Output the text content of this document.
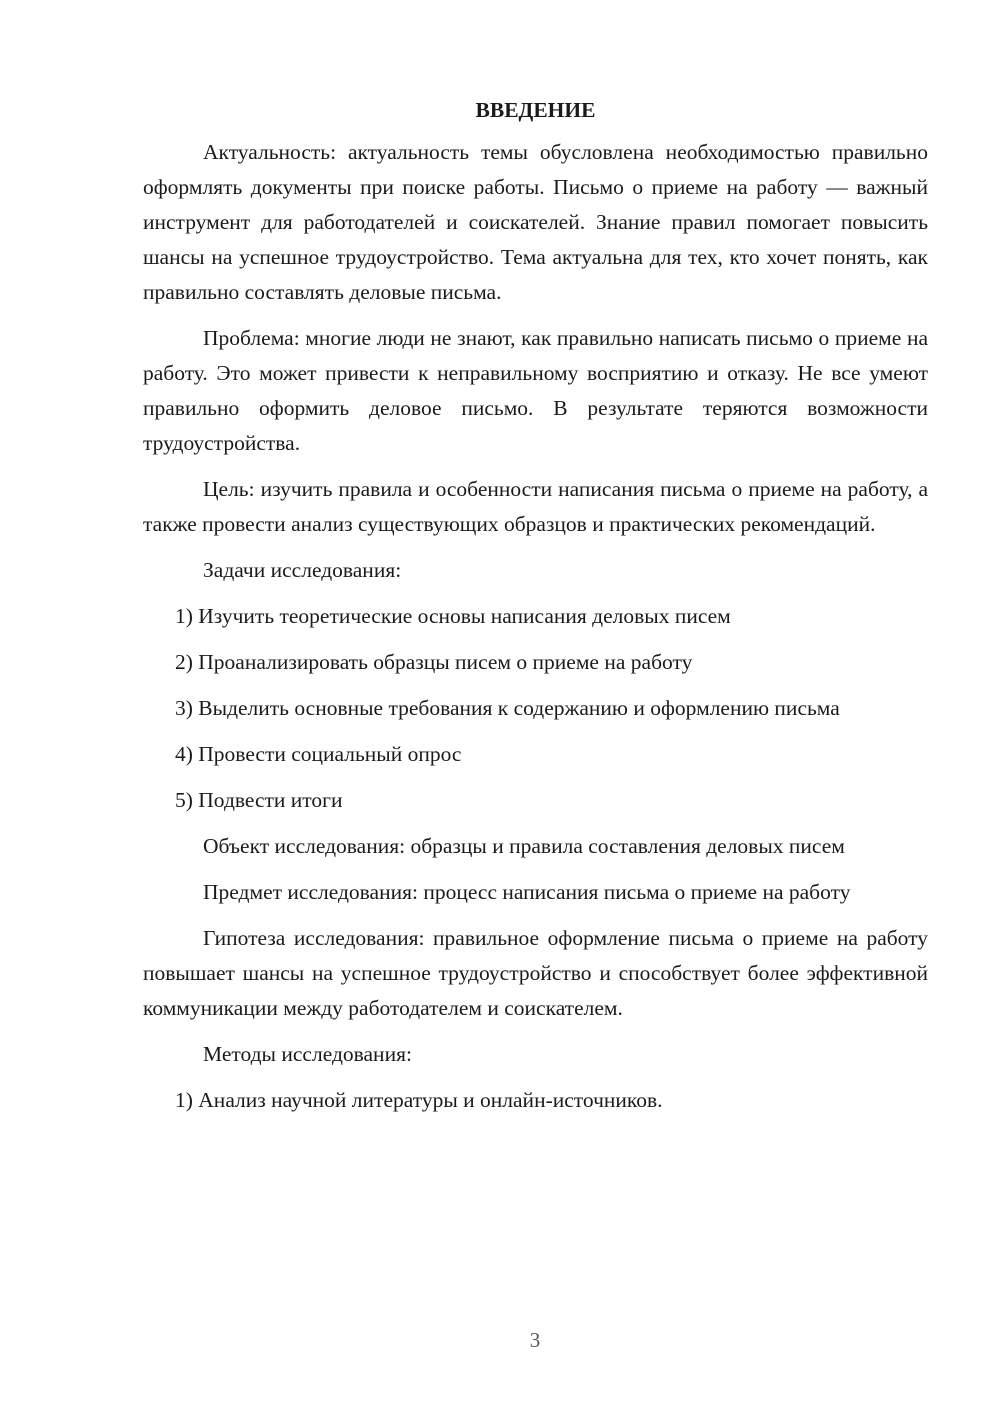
ВВЕДЕНИЕ

Актуальность: актуальность темы обусловлена необходимостью правильно оформлять документы при поиске работы. Письмо о приеме на работу — важный инструмент для работодателей и соискателей. Знание правил помогает повысить шансы на успешное трудоустройство. Тема актуальна для тех, кто хочет понять, как правильно составлять деловые письма.

Проблема: многие люди не знают, как правильно написать письмо о приеме на работу. Это может привести к неправильному восприятию и отказу. Не все умеют правильно оформить деловое письмо. В результате теряются возможности трудоустройства.

Цель: изучить правила и особенности написания письма о приеме на работу, а также провести анализ существующих образцов и практических рекомендаций.

Задачи исследования:

1) Изучить теоретические основы написания деловых писем

2) Проанализировать образцы писем о приеме на работу

3) Выделить основные требования к содержанию и оформлению письма

4) Провести социальный опрос

5) Подвести итоги

Объект исследования: образцы и правила составления деловых писем

Предмет исследования: процесс написания письма о приеме на работу

Гипотеза исследования: правильное оформление письма о приеме на работу повышает шансы на успешное трудоустройство и способствует более эффективной коммуникации между работодателем и соискателем.

Методы исследования:

1) Анализ научной литературы и онлайн-источников.

3
